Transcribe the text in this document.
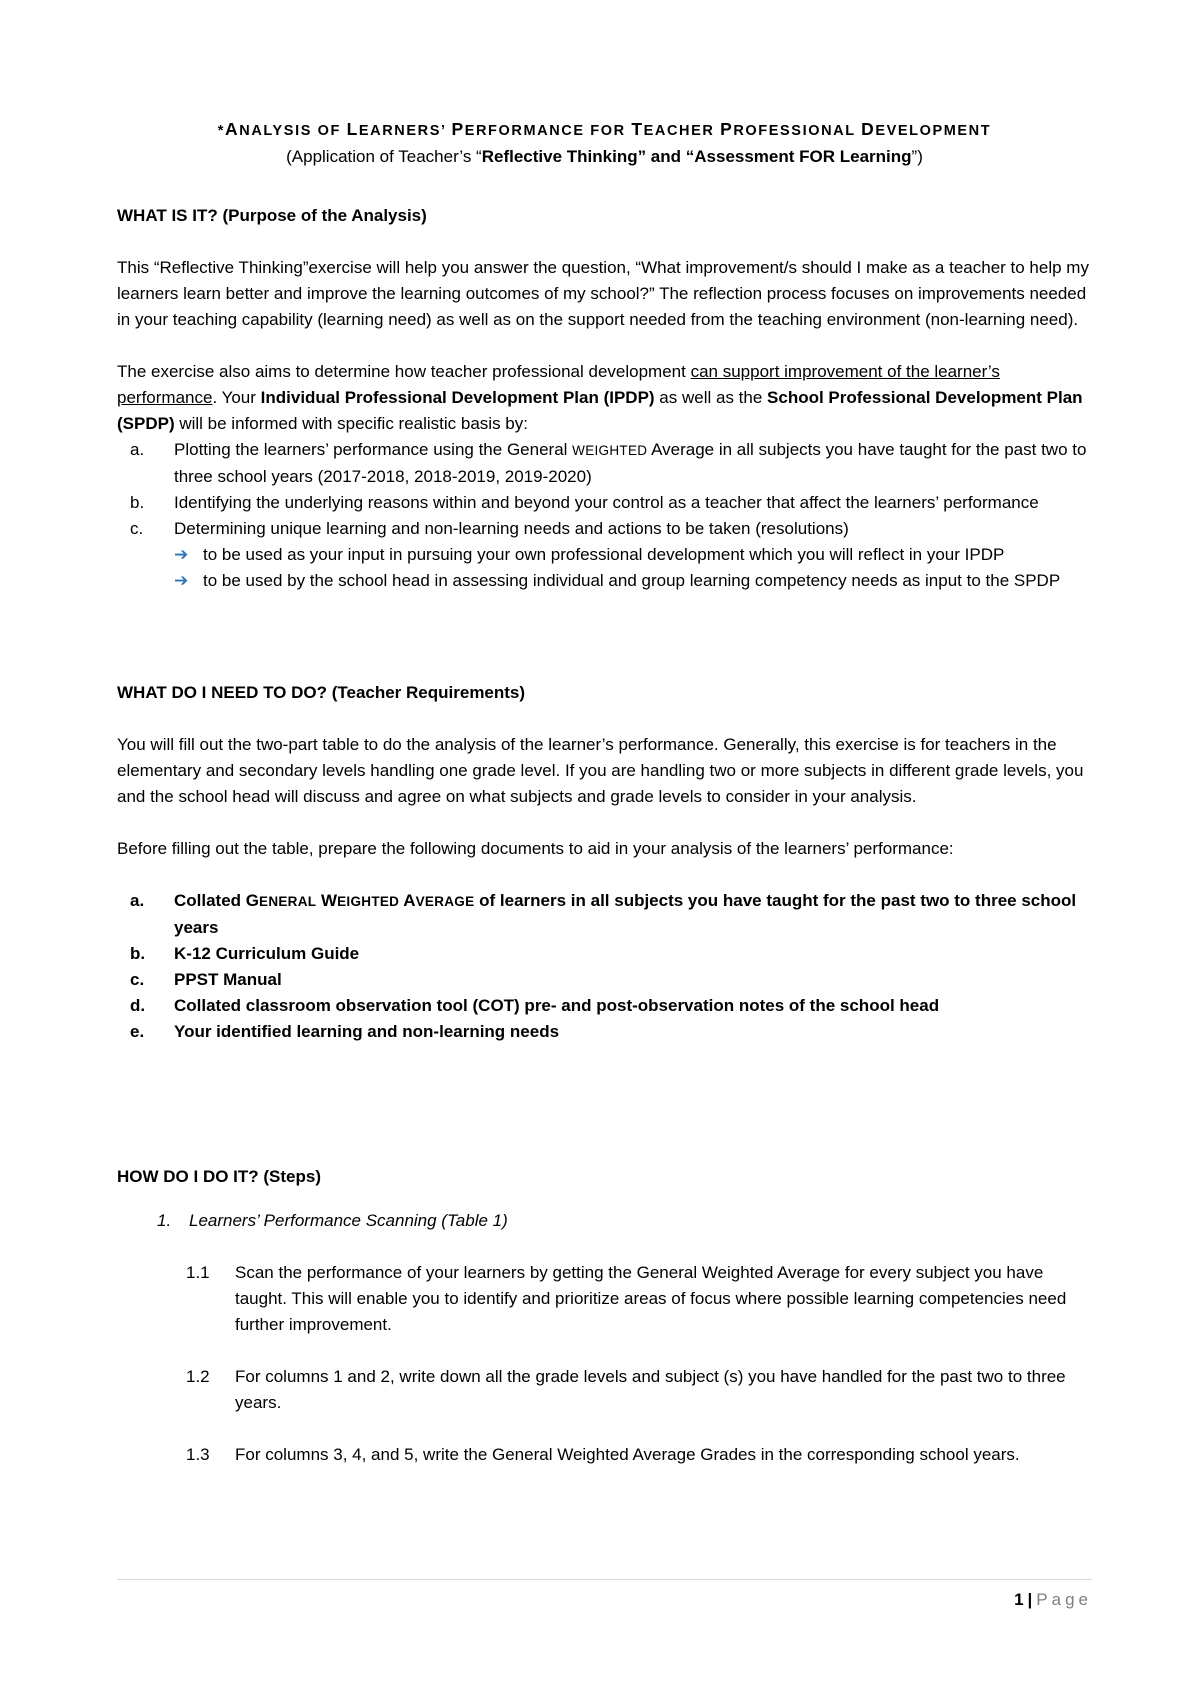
*ANALYSIS OF LEARNERS’ PERFORMANCE FOR TEACHER PROFESSIONAL DEVELOPMENT
(Application of Teacher’s “Reflective Thinking” and “Assessment FOR Learning”)

WHAT IS IT? (Purpose of the Analysis)

This “Reflective Thinking”exercise will help you answer the question, “What improvement/s should I make as a teacher to help my learners learn better and improve the learning outcomes of my school?” The reflection process focuses on improvements needed in your teaching capability (learning need) as well as on the support needed from the teaching environment (non-learning need).

The exercise also aims to determine how teacher professional development can support improvement of the learner’s performance. Your Individual Professional Development Plan (IPDP) as well as the School Professional Development Plan (SPDP) will be informed with specific realistic basis by:

a. Plotting the learners’ performance using the General WEIGHTED Average in all subjects you have taught for the past two to three school years (2017-2018, 2018-2019, 2019-2020)
b. Identifying the underlying reasons within and beyond your control as a teacher that affect the learners’ performance
c. Determining unique learning and non-learning needs and actions to be taken (resolutions)
➔ to be used as your input in pursuing your own professional development which you will reflect in your IPDP
➔ to be used by the school head in assessing individual and group learning competency needs as input to the SPDP

WHAT DO I NEED TO DO? (Teacher Requirements)

You will fill out the two-part table to do the analysis of the learner’s performance. Generally, this exercise is for teachers in the elementary and secondary levels handling one grade level. If you are handling two or more subjects in different grade levels, you and the school head will discuss and agree on what subjects and grade levels to consider in your analysis.

Before filling out the table, prepare the following documents to aid in your analysis of the learners’ performance:

a. Collated GENERAL WEIGHTED AVERAGE of learners in all subjects you have taught for the past two to three school years
b. K-12 Curriculum Guide
c. PPST Manual
d. Collated classroom observation tool (COT) pre- and post-observation notes of the school head
e. Your identified learning and non-learning needs

HOW DO I DO IT? (Steps)

1. Learners’ Performance Scanning (Table 1)

1.1 Scan the performance of your learners by getting the General Weighted Average for every subject you have taught. This will enable you to identify and prioritize areas of focus where possible learning competencies need further improvement.

1.2 For columns 1 and 2, write down all the grade levels and subject (s) you have handled for the past two to three years.

1.3 For columns 3, 4, and 5, write the General Weighted Average Grades in the corresponding school years.

1 | Page
